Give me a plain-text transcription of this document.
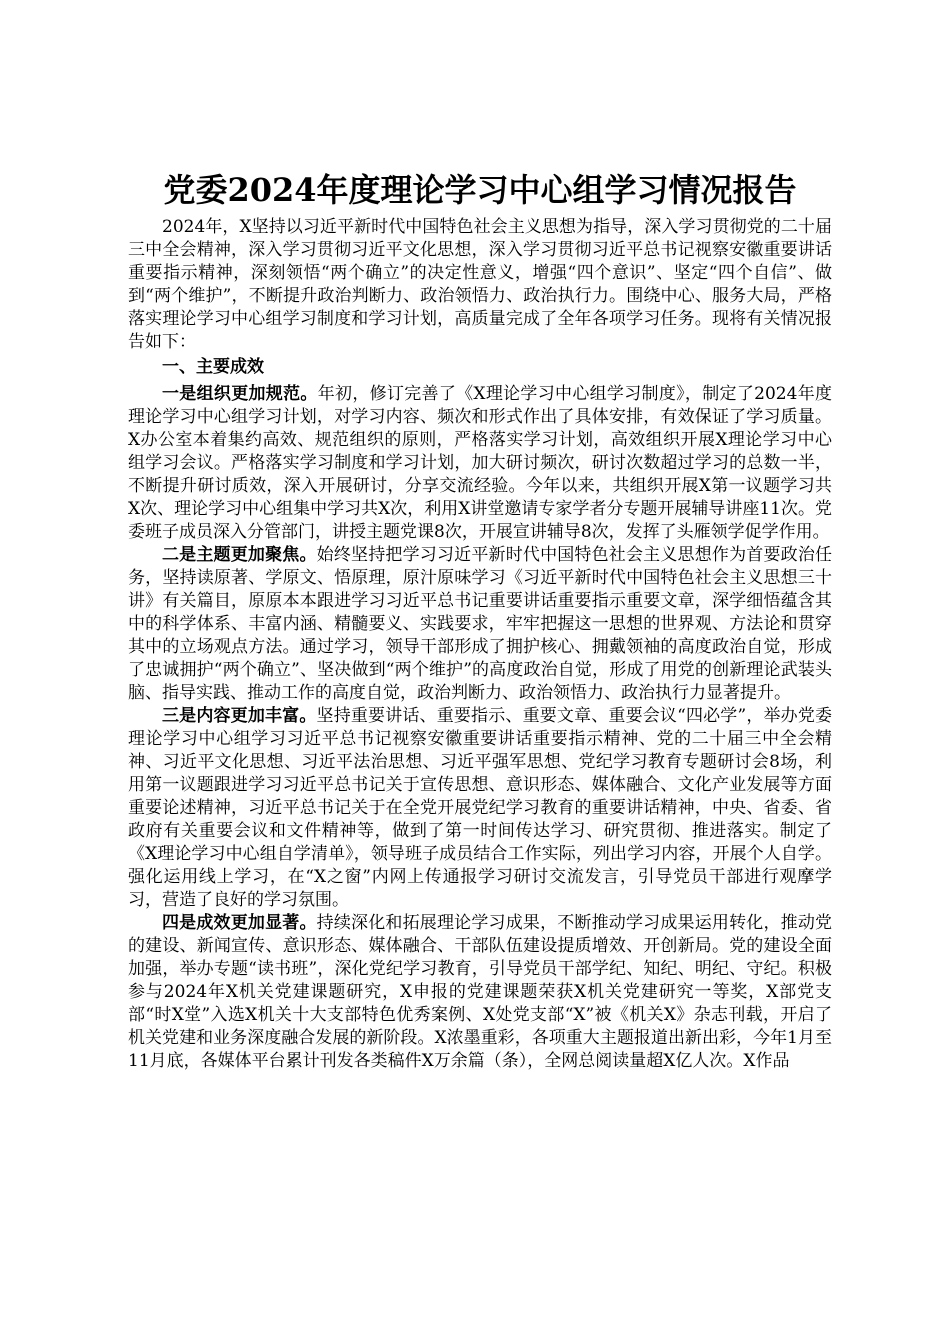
党委2024年度理论学习中心组学习情况报告

2024年，X坚持以习近平新时代中国特色社会主义思想为指导，深入学习贯彻党的二十届三中全会精神，深入学习贯彻习近平文化思想，深入学习贯彻习近平总书记视察安徽重要讲话重要指示精神，深刻领悟“两个确立”的决定性意义，增强“四个意识”、坚定“四个自信”、做到“两个维护”，不断提升政治判断力、政治领悟力、政治执行力。围绕中心、服务大局，严格落实理论学习中心组学习制度和学习计划，高质量完成了全年各项学习任务。现将有关情况报告如下：

一、主要成效

一是组织更加规范。年初，修订完善了《X理论学习中心组学习制度》，制定了2024年度理论学习中心组学习计划，对学习内容、频次和形式作出了具体安排，有效保证了学习质量。X办公室本着集约高效、规范组织的原则，严格落实学习计划，高效组织开展X理论学习中心组学习会议。严格落实学习制度和学习计划，加大研讨频次，研讨次数超过学习的总数一半，不断提升研讨质效，深入开展研讨，分享交流经验。今年以来，共组织开展X第一议题学习共X次、理论学习中心组集中学习共X次，利用X讲堂邀请专家学者分专题开展辅导讲座11次。党委班子成员深入分管部门，讲授主题党课8次，开展宣讲辅导8次，发挥了头雁领学促学作用。

二是主题更加聚焦。始终坚持把学习习近平新时代中国特色社会主义思想作为首要政治任务，坚持读原著、学原文、悟原理，原汁原味学习《习近平新时代中国特色社会主义思想三十讲》有关篇目，原原本本跟进学习习近平总书记重要讲话重要指示重要文章，深学细悟蕴含其中的科学体系、丰富内涵、精髓要义、实践要求，牢牢把握这一思想的世界观、方法论和贯穿其中的立场观点方法。通过学习，领导干部形成了拥护核心、拥戴领袖的高度政治自觉，形成了忠诚拥护“两个确立”、坚决做到“两个维护”的高度政治自觉，形成了用党的创新理论武装头脑、指导实践、推动工作的高度自觉，政治判断力、政治领悟力、政治执行力显著提升。

三是内容更加丰富。坚持重要讲话、重要指示、重要文章、重要会议“四必学”，举办党委理论学习中心组学习习近平总书记视察安徽重要讲话重要指示精神、党的二十届三中全会精神、习近平文化思想、习近平法治思想、习近平强军思想、党纪学习教育专题研讨会8场，利用第一议题跟进学习习近平总书记关于宣传思想、意识形态、媒体融合、文化产业发展等方面重要论述精神，习近平总书记关于在全党开展党纪学习教育的重要讲话精神，中央、省委、省政府有关重要会议和文件精神等，做到了第一时间传达学习、研究贯彻、推进落实。制定了《X理论学习中心组自学清单》，领导班子成员结合工作实际，列出学习内容，开展个人自学。强化运用线上学习，在“X之窗”内网上传通报学习研讨交流发言，引导党员干部进行观摩学习，营造了良好的学习氛围。

四是成效更加显著。持续深化和拓展理论学习成果，不断推动学习成果运用转化，推动党的建设、新闻宣传、意识形态、媒体融合、干部队伍建设提质增效、开创新局。党的建设全面加强，举办专题“读书班”，深化党纪学习教育，引导党员干部学纪、知纪、明纪、守纪。积极参与2024年X机关党建课题研究，X申报的党建课题荣获X机关党建研究一等奖，X部党支部“时X堂”入选X机关十大支部特色优秀案例、X处党支部“X”被《机关X》杂志刊载，开启了机关党建和业务深度融合发展的新阶段。X浓墨重彩，各项重大主题报道出新出彩，今年1月至11月底，各媒体平台累计刊发各类稿件X万余篇（条），全网总阅读量超X亿人次。X作品
